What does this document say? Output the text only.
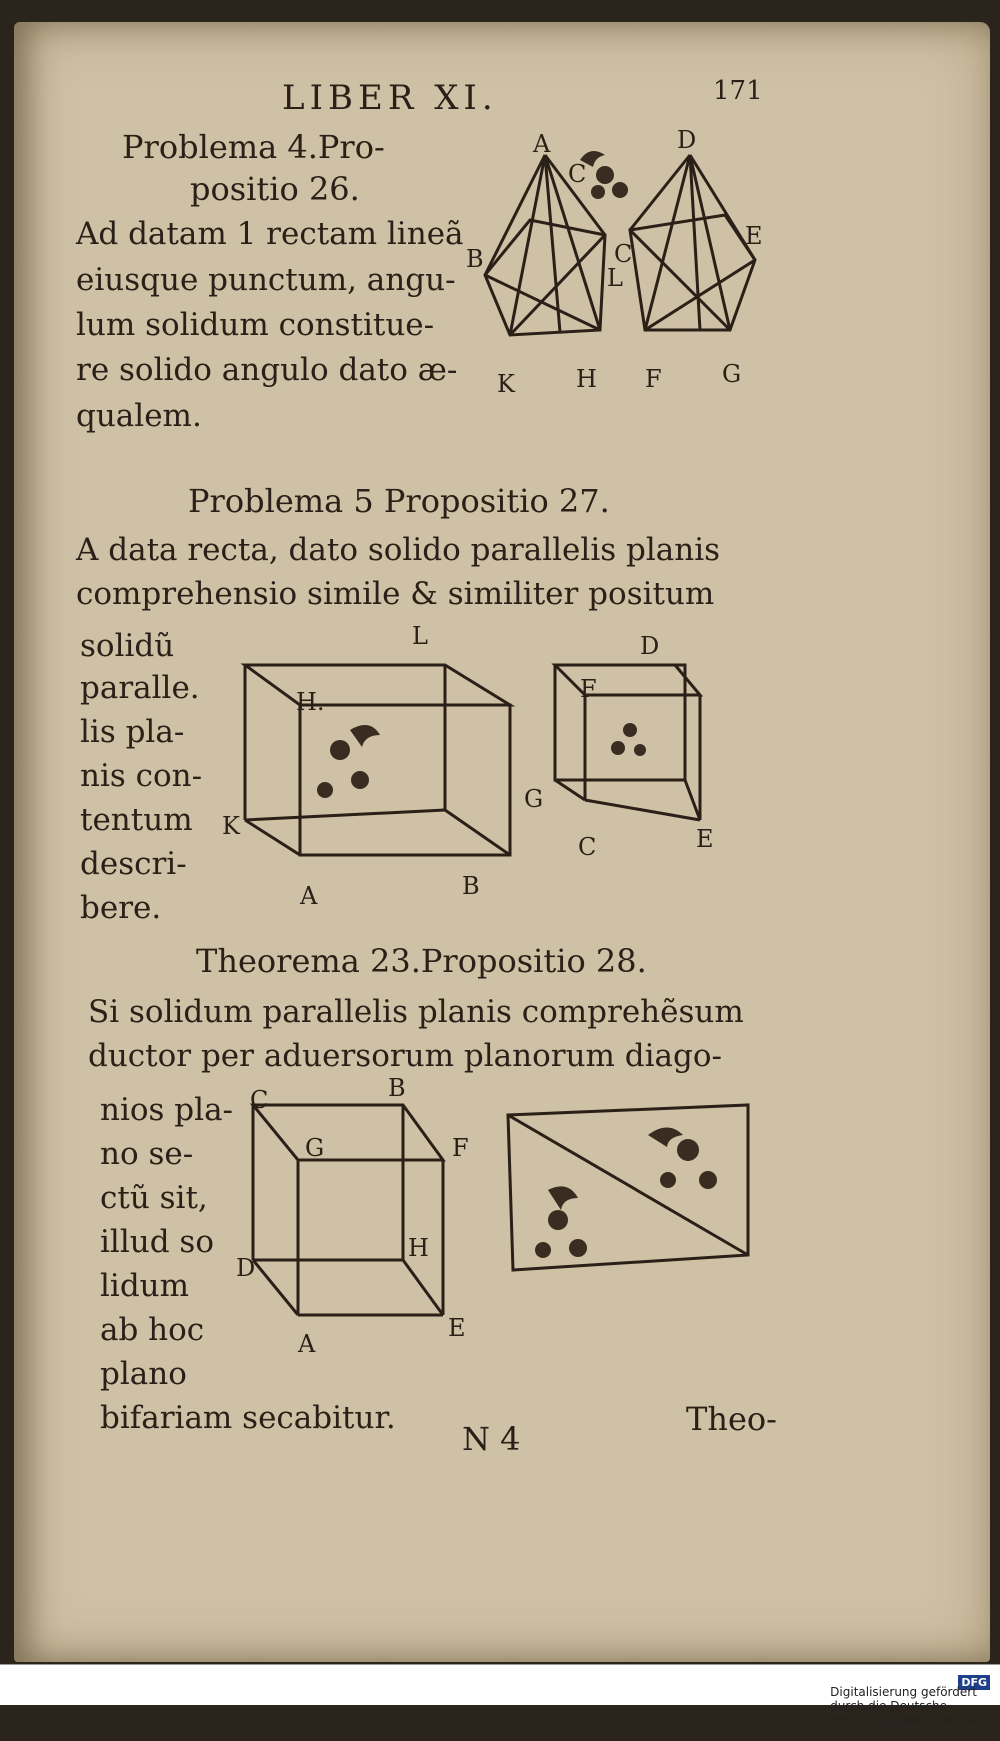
LIBER XI.	171
Problema 4.Pro-
positio 26.
Ad datam 1 rectam lineã
eiusque punctum, angu-
lum solidum constitue-
re solido angulo dato æ-
qualem.
A
C
D
B	C
L
E
K	H F	G
Problema 5 Propositio 27.
A data recta, dato solido parallelis planis
comprehensio simile & similiter positum
solidũ
paralle.
lis pla-
nis con-
tentum
descri-
bere.
L
H.
K
A	B
D
F
G
C	E
Theorema 23.Propositio 28.
Si solidum parallelis planis comprehẽsum
ductor per aduersorum planorum diago-
nios pla-
no se-
ctũ sit,
illud so
lidum
ab hoc
plano
bifariam secabitur.
C	B
G	F
D
H
A
E
N 4
Theo-
Digitalisierung gefördert durch die Deutsche Forschungsgemeinschaft -
DFG
